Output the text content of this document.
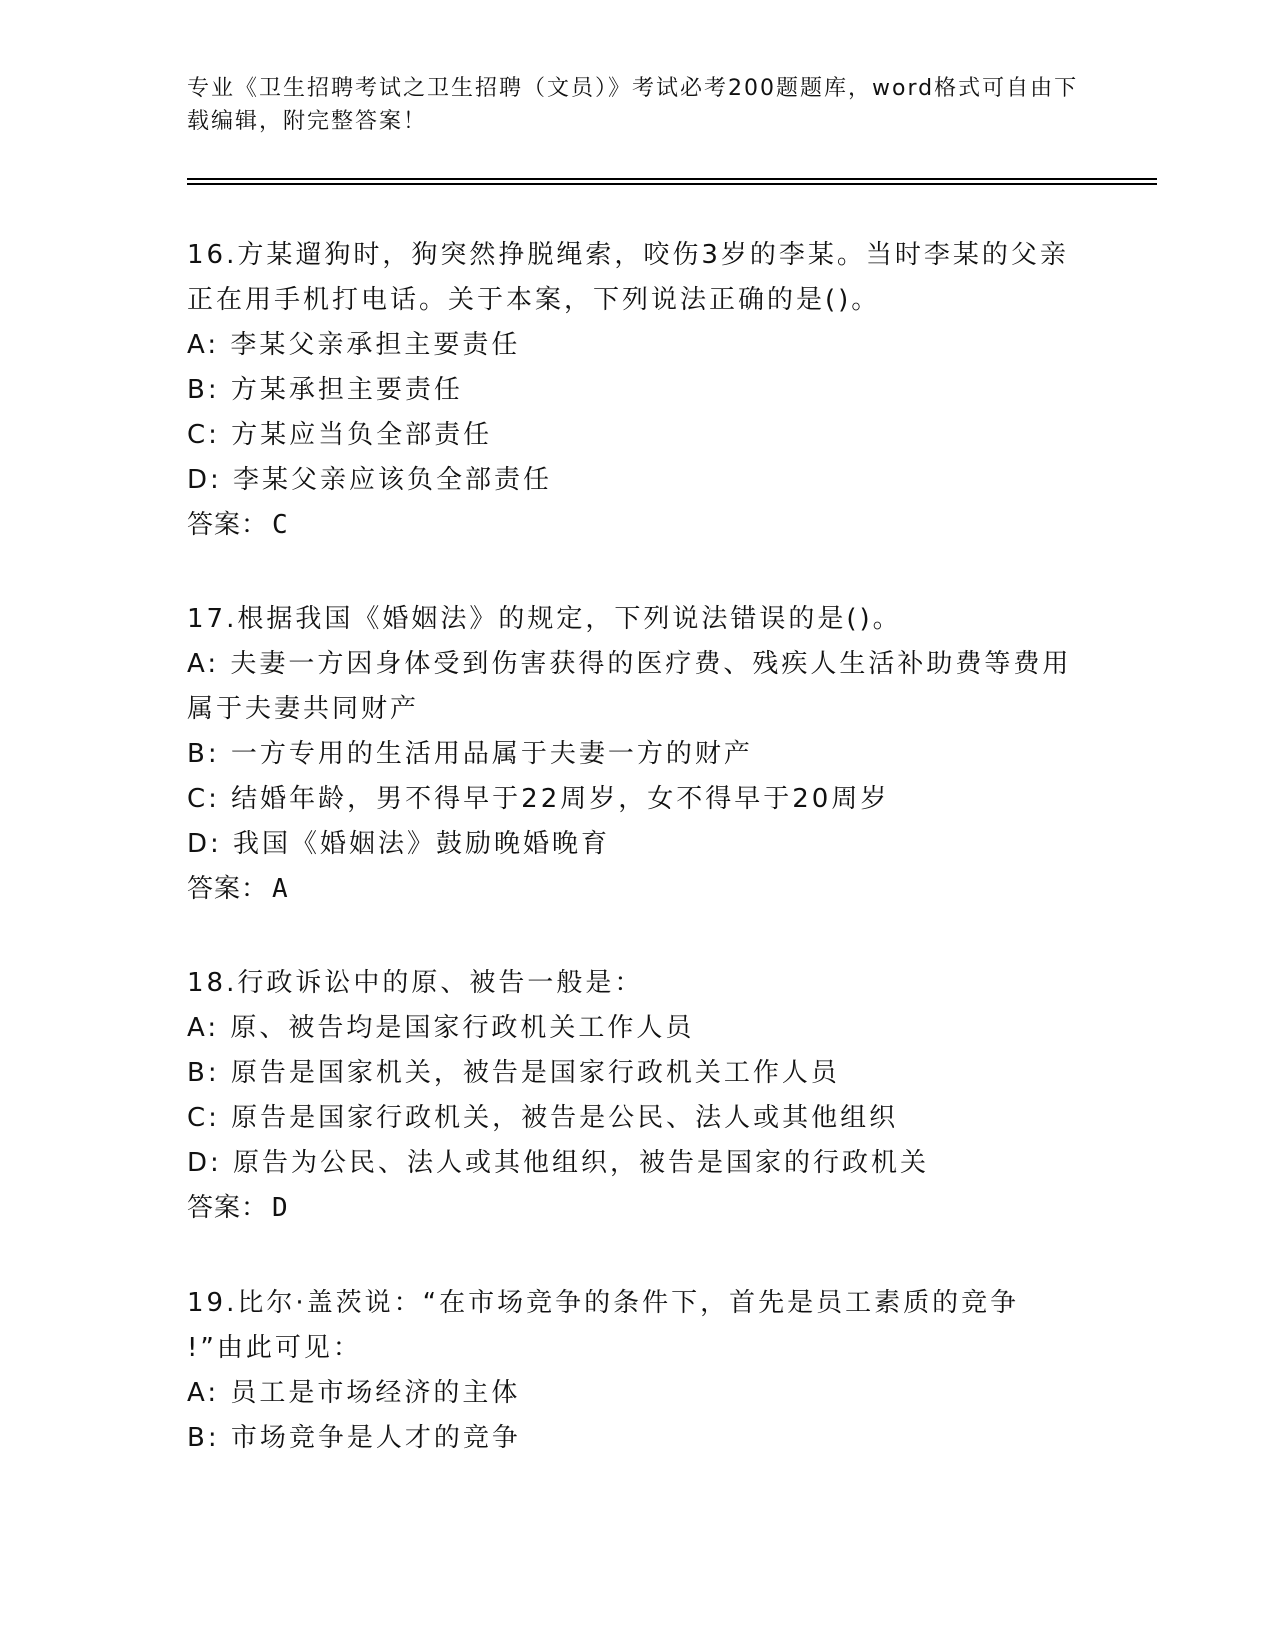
专业《卫生招聘考试之卫生招聘（文员）》考试必考200题题库，word格式可自由下载编辑，附完整答案！
16.方某遛狗时，狗突然挣脱绳索，咬伤3岁的李某。当时李某的父亲
正在用手机打电话。关于本案，下列说法正确的是()。
A: 李某父亲承担主要责任
B: 方某承担主要责任
C: 方某应当负全部责任
D: 李某父亲应该负全部责任
答案： C
17.根据我国《婚姻法》的规定，下列说法错误的是()。
A: 夫妻一方因身体受到伤害获得的医疗费、残疾人生活补助费等费用
属于夫妻共同财产
B: 一方专用的生活用品属于夫妻一方的财产
C: 结婚年龄，男不得早于22周岁，女不得早于20周岁
D: 我国《婚姻法》鼓励晚婚晚育
答案： A
18.行政诉讼中的原、被告一般是：
A: 原、被告均是国家行政机关工作人员
B: 原告是国家机关，被告是国家行政机关工作人员
C: 原告是国家行政机关，被告是公民、法人或其他组织
D: 原告为公民、法人或其他组织，被告是国家的行政机关
答案： D
19.比尔·盖茨说：“在市场竞争的条件下，首先是员工素质的竞争
!”由此可见：
A: 员工是市场经济的主体
B: 市场竞争是人才的竞争
